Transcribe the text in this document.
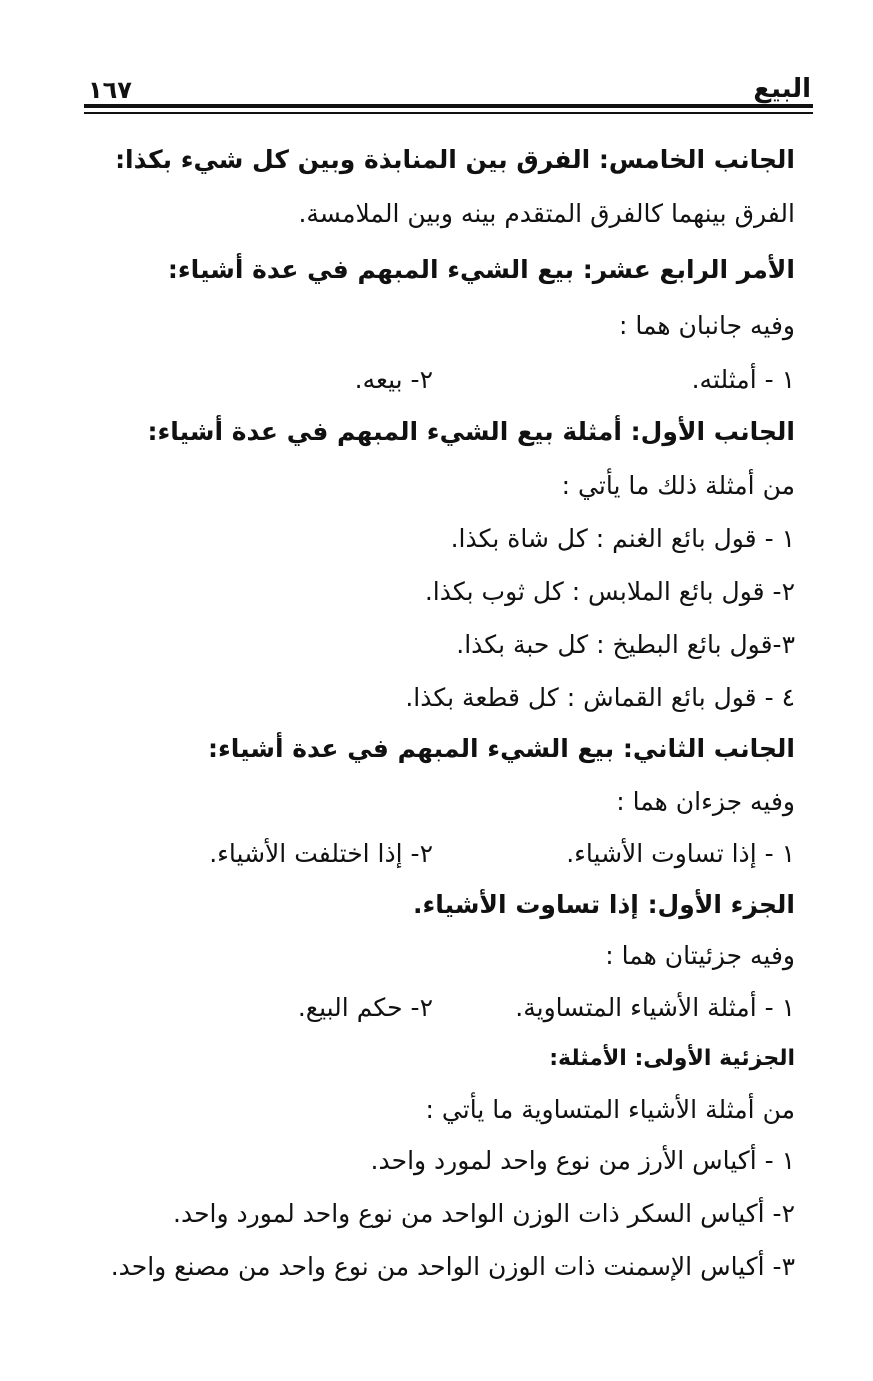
البيع
١٦٧
الجانب الخامس: الفرق بين المنابذة وبين كل شيء بكذا:
الفرق بينهما كالفرق المتقدم بينه وبين الملامسة.
الأمر الرابع عشر: بيع الشيء المبهم في عدة أشياء:
وفيه جانبان هما :
١ - أمثلته.
٢- بيعه.
الجانب الأول: أمثلة بيع الشيء المبهم في عدة أشياء:
من أمثلة ذلك ما يأتي :
١ - قول بائع الغنم : كل شاة بكذا.
٢- قول بائع الملابس : كل ثوب بكذا.
٣-قول بائع البطيخ : كل حبة بكذا.
٤ - قول بائع القماش : كل قطعة بكذا.
الجانب الثاني: بيع الشيء المبهم في عدة أشياء:
وفيه جزءان هما :
١ - إذا تساوت الأشياء.
٢- إذا اختلفت الأشياء.
الجزء الأول: إذا تساوت الأشياء.
وفيه جزئيتان هما :
١ - أمثلة الأشياء المتساوية.
٢- حكم البيع.
الجزئية الأولى: الأمثلة:
من أمثلة الأشياء المتساوية ما يأتي :
١ - أكياس الأرز من نوع واحد لمورد واحد.
٢- أكياس السكر ذات الوزن الواحد من نوع واحد لمورد واحد.
٣- أكياس الإسمنت ذات الوزن الواحد من نوع واحد من مصنع واحد.
